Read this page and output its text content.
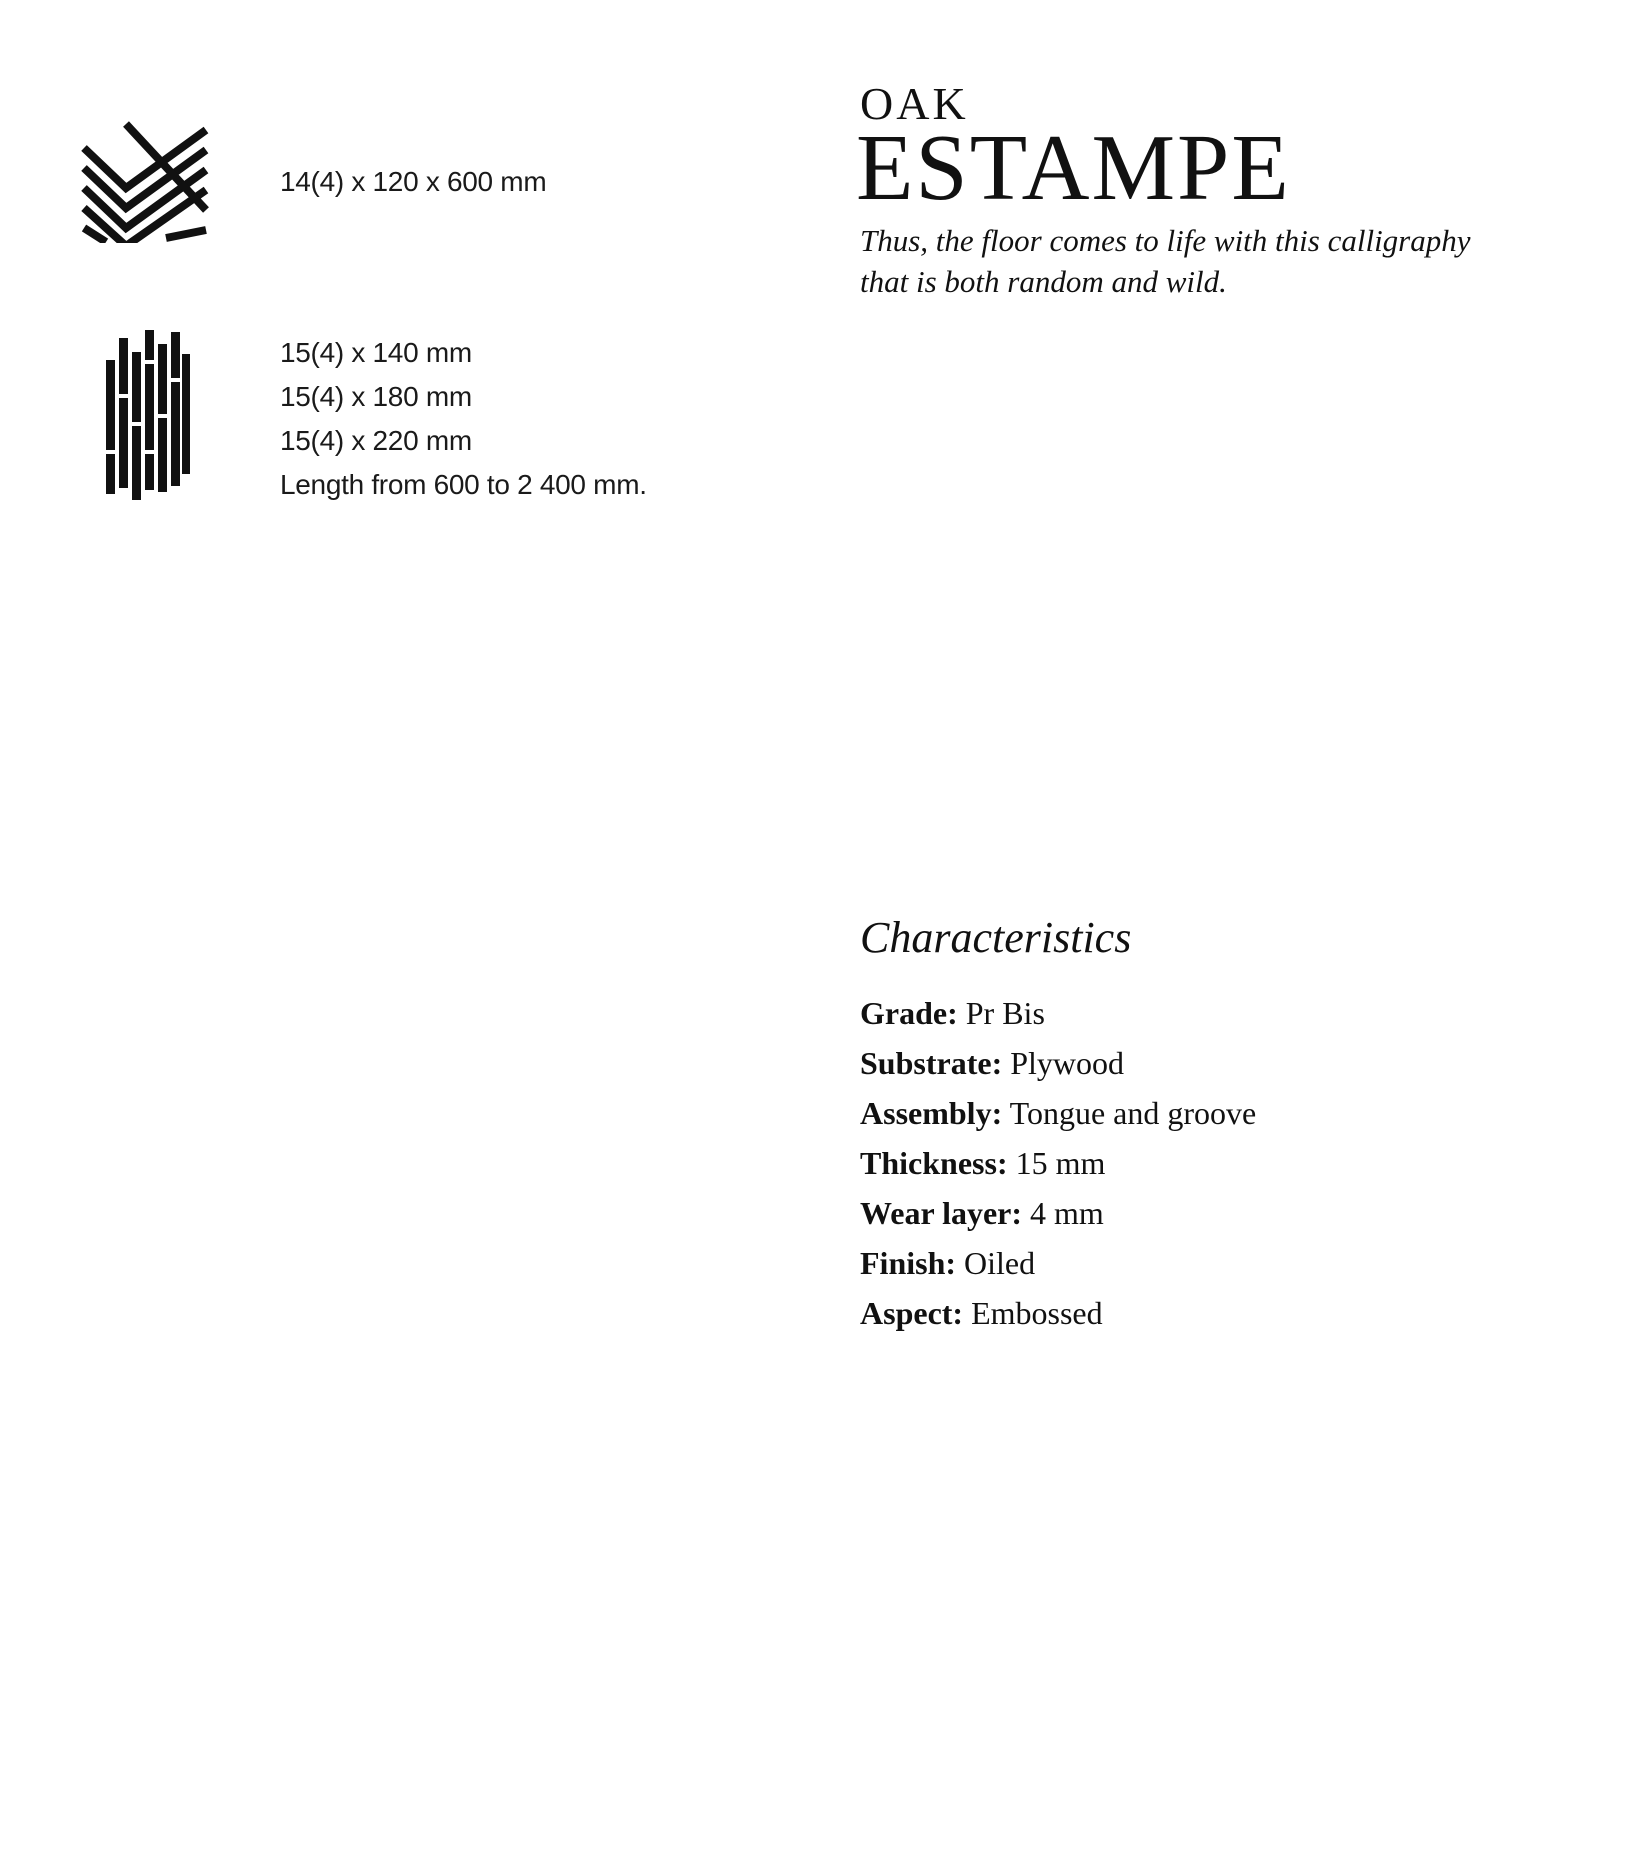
14(4) x 120 x 600 mm
15(4) x 140 mm
15(4) x 180 mm
15(4) x 220 mm
Length from 600 to 2 400 mm.
OAK
ESTAMPE
Thus, the floor comes to life with this calligraphy that is both random and wild.
Characteristics
Grade: Pr Bis
Substrate: Plywood
Assembly: Tongue and groove
Thickness: 15 mm
Wear layer: 4 mm
Finish: Oiled
Aspect: Embossed
